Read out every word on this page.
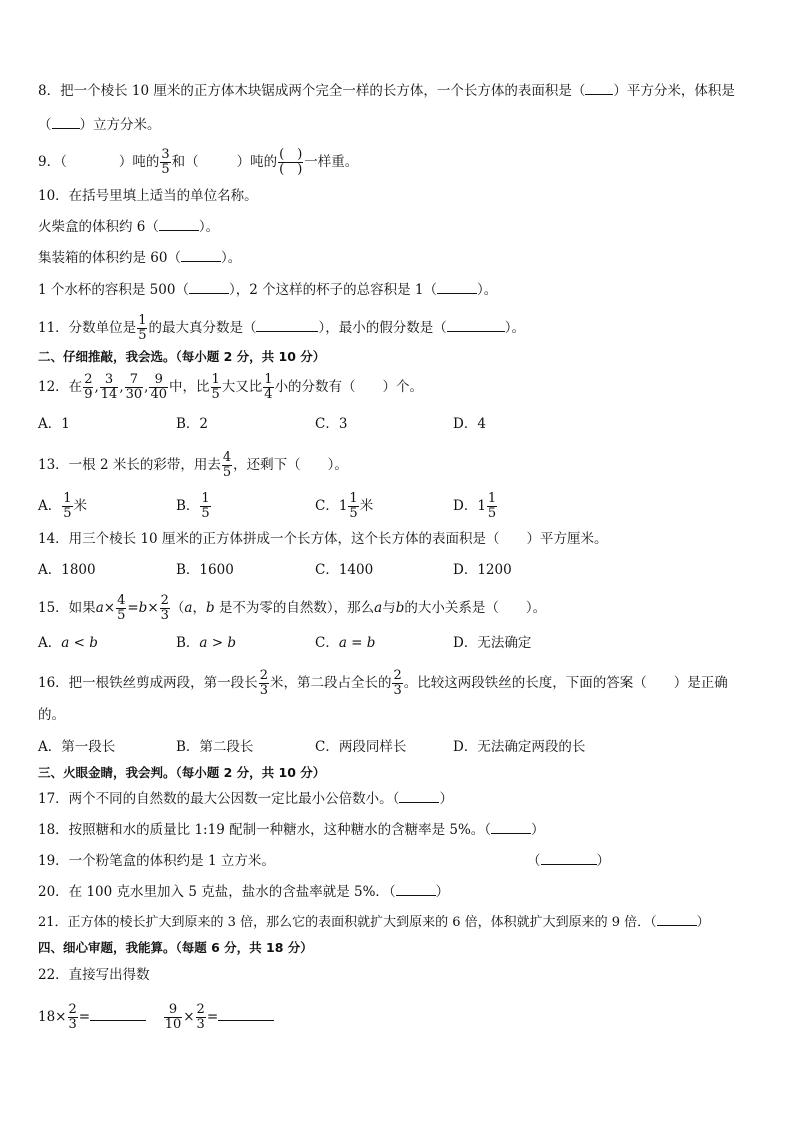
8．把一个棱长 10 厘米的正方体木块锯成两个完全一样的长方体，一个长方体的表面积是（ ）平方分米，体积是
（ ）立方分米。
9．（	）吨的 $\frac{3}{5}$ 和（	）吨的 $\frac{( )}{( )}$ 一样重。
10．在括号里填上适当的单位名称。
火柴盒的体积约 6（	）。
集装箱的体积约是 60（	）。
1 个水杯的容积是 500（	），2 个这样的杯子的总容积是 1（	）。
11．分数单位是 $\frac{1}{5}$ 的最大真分数是（	），最小的假分数是（	）。
二、仔细推敲，我会选。（每小题 2 分，共 10 分）
12．在 $\frac{2}{9}$ , $\frac{3}{14}$ , $\frac{7}{30}$ , $\frac{9}{40}$ 中，比 $\frac{1}{5}$ 大又比 $\frac{1}{4}$ 小的分数有（　　）个。
A．1	B．2	C．3	D．4
13．一根 2 米长的彩带，用去 $\frac{4}{5}$ ，还剩下（　　）。
A． $\frac{1}{5}$ 米	B． $\frac{1}{5}$	C．$1 \frac{1}{5}$ 米	D．$1 \frac{1}{5}$
14．用三个棱长 10 厘米的正方体拼成一个长方体，这个长方体的表面积是（　　）平方厘米。
A．1800	B．1600	C．1400	D．1200
15．如果$a\times \frac{4}{5} =b\times \frac{2}{3} (a$，b 是不为零的自然数），那么a与b的大小关系是（　　）。
A．a < b	B．a > b	C．a = b	D．无法确定
16．把一根铁丝剪成两段，第一段长 $\frac{2}{3}$ 米，第二段占全长的 $\frac{2}{3}$ 。比较这两段铁丝的长度，下面的答案（　　）是正确
的。
A．第一段长	B．第二段长	C．两段同样长	D．无法确定两段的长
三、火眼金睛，我会判。（每小题 2 分，共 10 分）
17．两个不同的自然数的最大公因数一定比最小公倍数小。（	）
18．按照糖和水的质量比 1:19 配制一种糖水，这种糖水的含糖率是 5%。（	）
19．一个粉笔盒的体积约是 1 立方米。	（	）
20．在 100 克水里加入 5 克盐，盐水的含盐率就是 5%．（	）
21．正方体的棱长扩大到原来的 3 倍，那么它的表面积就扩大到原来的 6 倍，体积就扩大到原来的 9 倍．（	）
四、细心审题，我能算。（每题 6 分，共 18 分）
22．直接写出得数
$18\times \frac{2}{3}$ =	$\frac{9}{10} \times \frac{2}{3}$ =
